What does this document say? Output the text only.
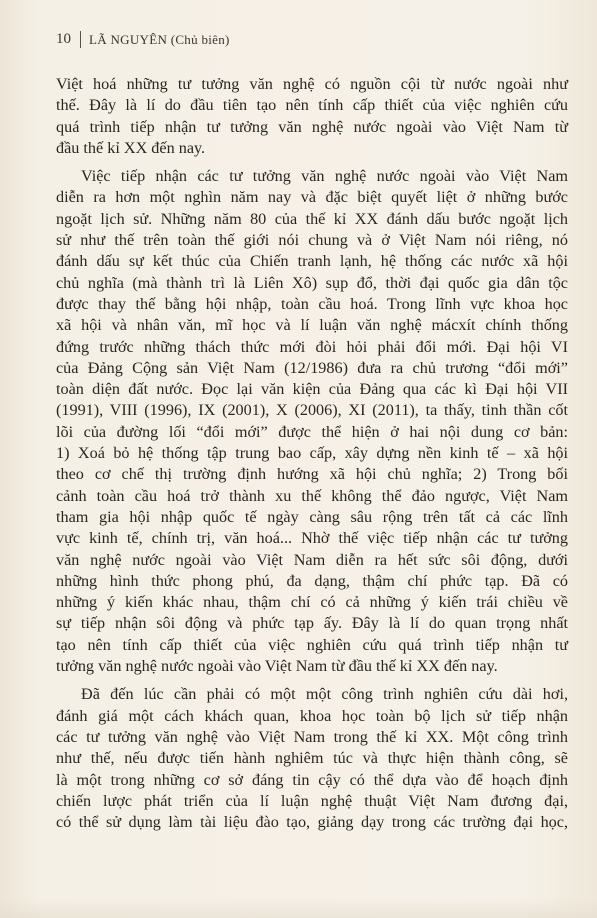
10 LÃ NGUYÊN (Chủ biên)
Việt hoá những tư tưởng văn nghệ có nguồn cội từ nước ngoài như
thế. Đây là lí do đầu tiên tạo nên tính cấp thiết của việc nghiên cứu
quá trình tiếp nhận tư tưởng văn nghệ nước ngoài vào Việt Nam từ
đầu thế kỉ XX đến nay.
Việc tiếp nhận các tư tưởng văn nghệ nước ngoài vào Việt Nam
diễn ra hơn một nghìn năm nay và đặc biệt quyết liệt ở những bước
ngoặt lịch sử. Những năm 80 của thế kỉ XX đánh dấu bước ngoặt lịch
sử như thế trên toàn thế giới nói chung và ở Việt Nam nói riêng, nó
đánh dấu sự kết thúc của Chiến tranh lạnh, hệ thống các nước xã hội
chủ nghĩa (mà thành trì là Liên Xô) sụp đổ, thời đại quốc gia dân tộc
được thay thế bằng hội nhập, toàn cầu hoá. Trong lĩnh vực khoa học
xã hội và nhân văn, mĩ học và lí luận văn nghệ mácxít chính thống
đứng trước những thách thức mới đòi hỏi phải đổi mới. Đại hội VI
của Đảng Cộng sản Việt Nam (12/1986) đưa ra chủ trương “đổi mới”
toàn diện đất nước. Đọc lại văn kiện của Đảng qua các kì Đại hội VII
(1991), VIII (1996), IX (2001), X (2006), XI (2011), ta thấy, tinh thần cốt
lõi của đường lối “đổi mới” được thể hiện ở hai nội dung cơ bản:
1) Xoá bỏ hệ thống tập trung bao cấp, xây dựng nền kinh tế – xã hội
theo cơ chế thị trường định hướng xã hội chủ nghĩa; 2) Trong bối
cảnh toàn cầu hoá trở thành xu thế không thể đảo ngược, Việt Nam
tham gia hội nhập quốc tế ngày càng sâu rộng trên tất cả các lĩnh
vực kinh tế, chính trị, văn hoá... Nhờ thế việc tiếp nhận các tư tưởng
văn nghệ nước ngoài vào Việt Nam diễn ra hết sức sôi động, dưới
những hình thức phong phú, đa dạng, thậm chí phức tạp. Đã có
những ý kiến khác nhau, thậm chí có cả những ý kiến trái chiều về
sự tiếp nhận sôi động và phức tạp ấy. Đây là lí do quan trọng nhất
tạo nên tính cấp thiết của việc nghiên cứu quá trình tiếp nhận tư
tưởng văn nghệ nước ngoài vào Việt Nam từ đầu thế kỉ XX đến nay.
Đã đến lúc cần phải có một một công trình nghiên cứu dài hơi,
đánh giá một cách khách quan, khoa học toàn bộ lịch sử tiếp nhận
các tư tưởng văn nghệ vào Việt Nam trong thế kỉ XX. Một công trình
như thế, nếu được tiến hành nghiêm túc và thực hiện thành công, sẽ
là một trong những cơ sở đáng tin cậy có thể dựa vào để hoạch định
chiến lược phát triển của lí luận nghệ thuật Việt Nam đương đại,
có thể sử dụng làm tài liệu đào tạo, giảng dạy trong các trường đại học,
